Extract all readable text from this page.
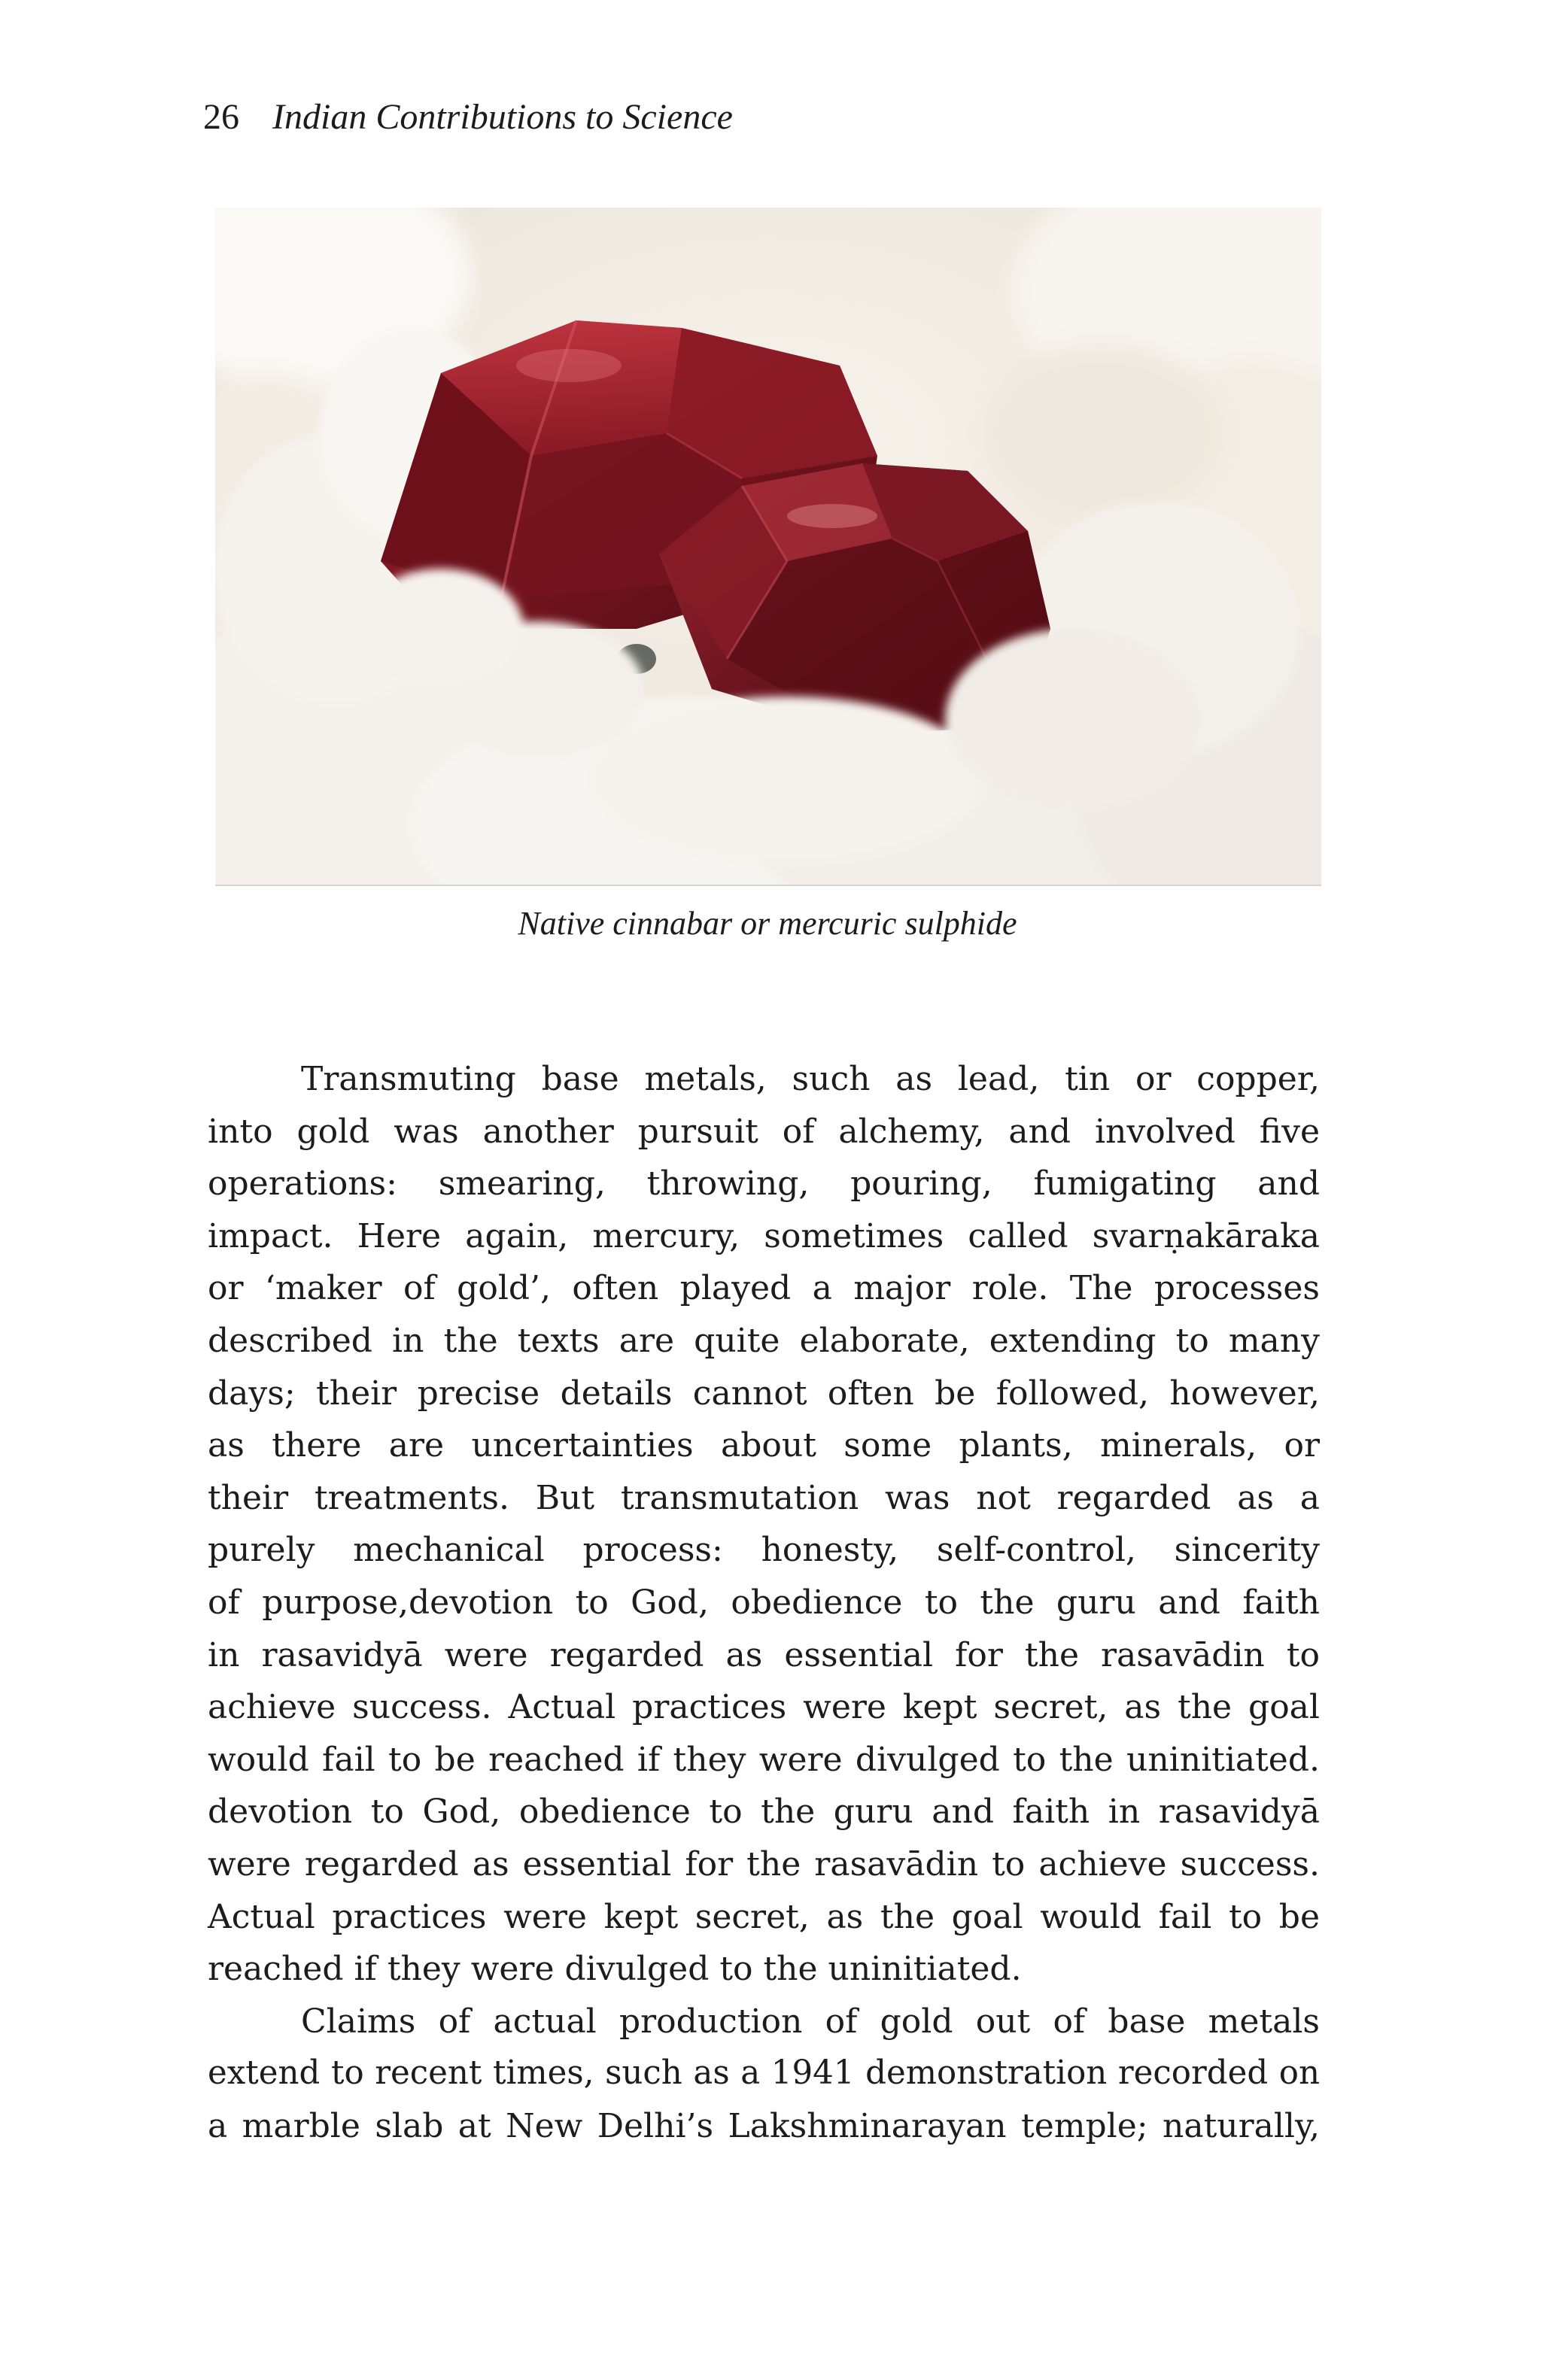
26 Indian Contributions to Science
Native cinnabar or mercuric sulphide
Transmuting base metals, such as lead, tin or copper,
into gold was another pursuit of alchemy, and involved five
operations: smearing, throwing, pouring, fumigating and
impact. Here again, mercury, sometimes called svarṇakāraka
or ‘maker of gold’, often played a major role. The processes
described in the texts are quite elaborate, extending to many
days; their precise details cannot often be followed, however,
as there are uncertainties about some plants, minerals, or
their treatments. But transmutation was not regarded as a
purely mechanical process: honesty, self-control, sincerity
of purpose,devotion to God, obedience to the guru and faith
in rasavidyā were regarded as essential for the rasavādin to
achieve success. Actual practices were kept secret, as the goal
would fail to be reached if they were divulged to the uninitiated.
devotion to God, obedience to the guru and faith in rasavidyā
were regarded as essential for the rasavādin to achieve success.
Actual practices were kept secret, as the goal would fail to be
reached if they were divulged to the uninitiated.
Claims of actual production of gold out of base metals
extend to recent times, such as a 1941 demonstration recorded on
a marble slab at New Delhi’s Lakshminarayan temple; naturally,
